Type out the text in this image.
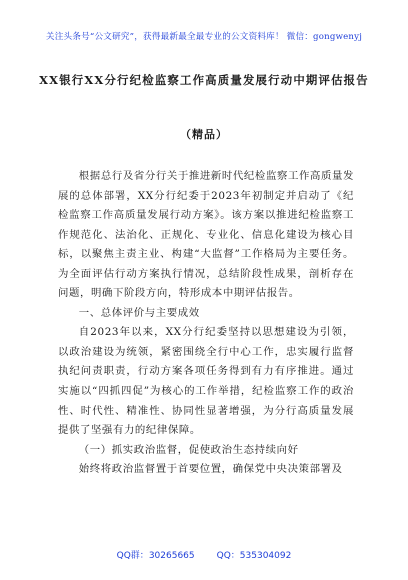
关注头条号“公文研究”，获得最新最全最专业的公文资料库！ 微信：gongwenyj
XX银行XX分行纪检监察工作高质量发展行动中期评估报告
（精品）

根据总行及省分行关于推进新时代纪检监察工作高质量发展的总体部署，XX分行纪委于2023年初制定并启动了《纪检监察工作高质量发展行动方案》。该方案以推进纪检监察工作规范化、法治化、正规化、专业化、信息化建设为核心目标，以聚焦主责主业、构建“大监督”工作格局为主要任务。为全面评估行动方案执行情况，总结阶段性成果，剖析存在问题，明确下阶段方向，特形成本中期评估报告。

一、总体评价与主要成效

自2023年以来，XX分行纪委坚持以思想建设为引领，以政治建设为统领，紧密围绕全行中心工作，忠实履行监督执纪问责职责，行动方案各项任务得到有力有序推进。通过实施以“四抓四促”为核心的工作举措，纪检监察工作的政治性、时代性、精准性、协同性显著增强，为分行高质量发展提供了坚强有力的纪律保障。

（一）抓实政治监督，促使政治生态持续向好

始终将政治监督置于首要位置，确保党中央决策部署及

QQ群：30265665 QQ：535304092
